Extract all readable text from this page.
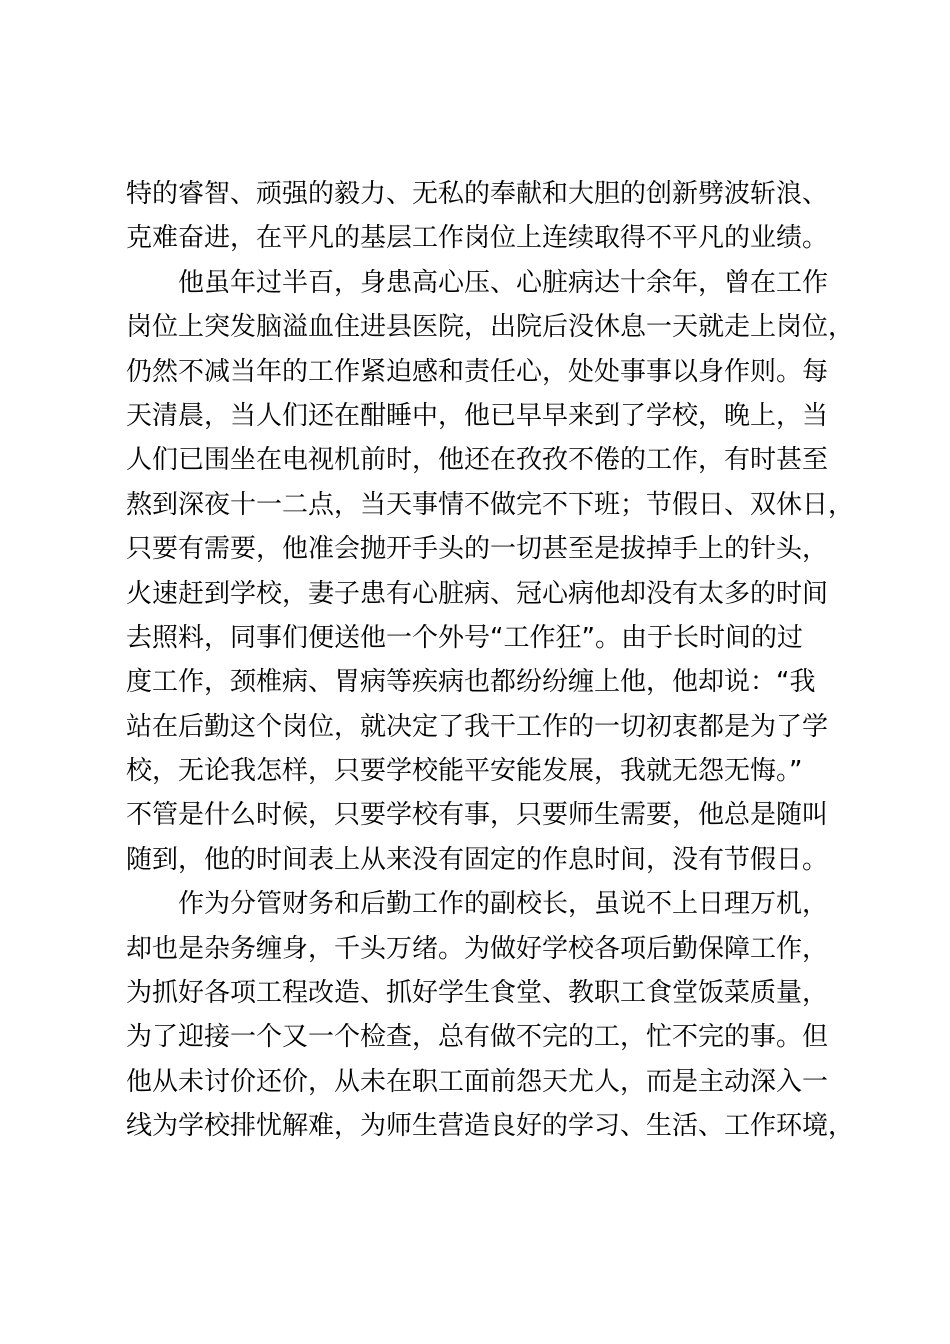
特的睿智、顽强的毅力、无私的奉献和大胆的创新劈波斩浪、
克难奋进，在平凡的基层工作岗位上连续取得不平凡的业绩。
他虽年过半百，身患高心压、心脏病达十余年，曾在工作
岗位上突发脑溢血住进县医院，出院后没休息一天就走上岗位，
仍然不减当年的工作紧迫感和责任心，处处事事以身作则。每
天清晨，当人们还在酣睡中，他已早早来到了学校，晚上，当
人们已围坐在电视机前时，他还在孜孜不倦的工作，有时甚至
熬到深夜十一二点，当天事情不做完不下班；节假日、双休日，
只要有需要，他准会抛开手头的一切甚至是拔掉手上的针头，
火速赶到学校，妻子患有心脏病、冠心病他却没有太多的时间
去照料，同事们便送他一个外号“工作狂”。由于长时间的过
度工作，颈椎病、胃病等疾病也都纷纷缠上他，他却说：“我
站在后勤这个岗位，就决定了我干工作的一切初衷都是为了学
校，无论我怎样，只要学校能平安能发展，我就无怨无悔。”
不管是什么时候，只要学校有事，只要师生需要，他总是随叫
随到，他的时间表上从来没有固定的作息时间，没有节假日。
作为分管财务和后勤工作的副校长，虽说不上日理万机，
却也是杂务缠身，千头万绪。为做好学校各项后勤保障工作，
为抓好各项工程改造、抓好学生食堂、教职工食堂饭菜质量，
为了迎接一个又一个检查，总有做不完的工，忙不完的事。但
他从未讨价还价，从未在职工面前怨天尤人，而是主动深入一
线为学校排忧解难，为师生营造良好的学习、生活、工作环境，
